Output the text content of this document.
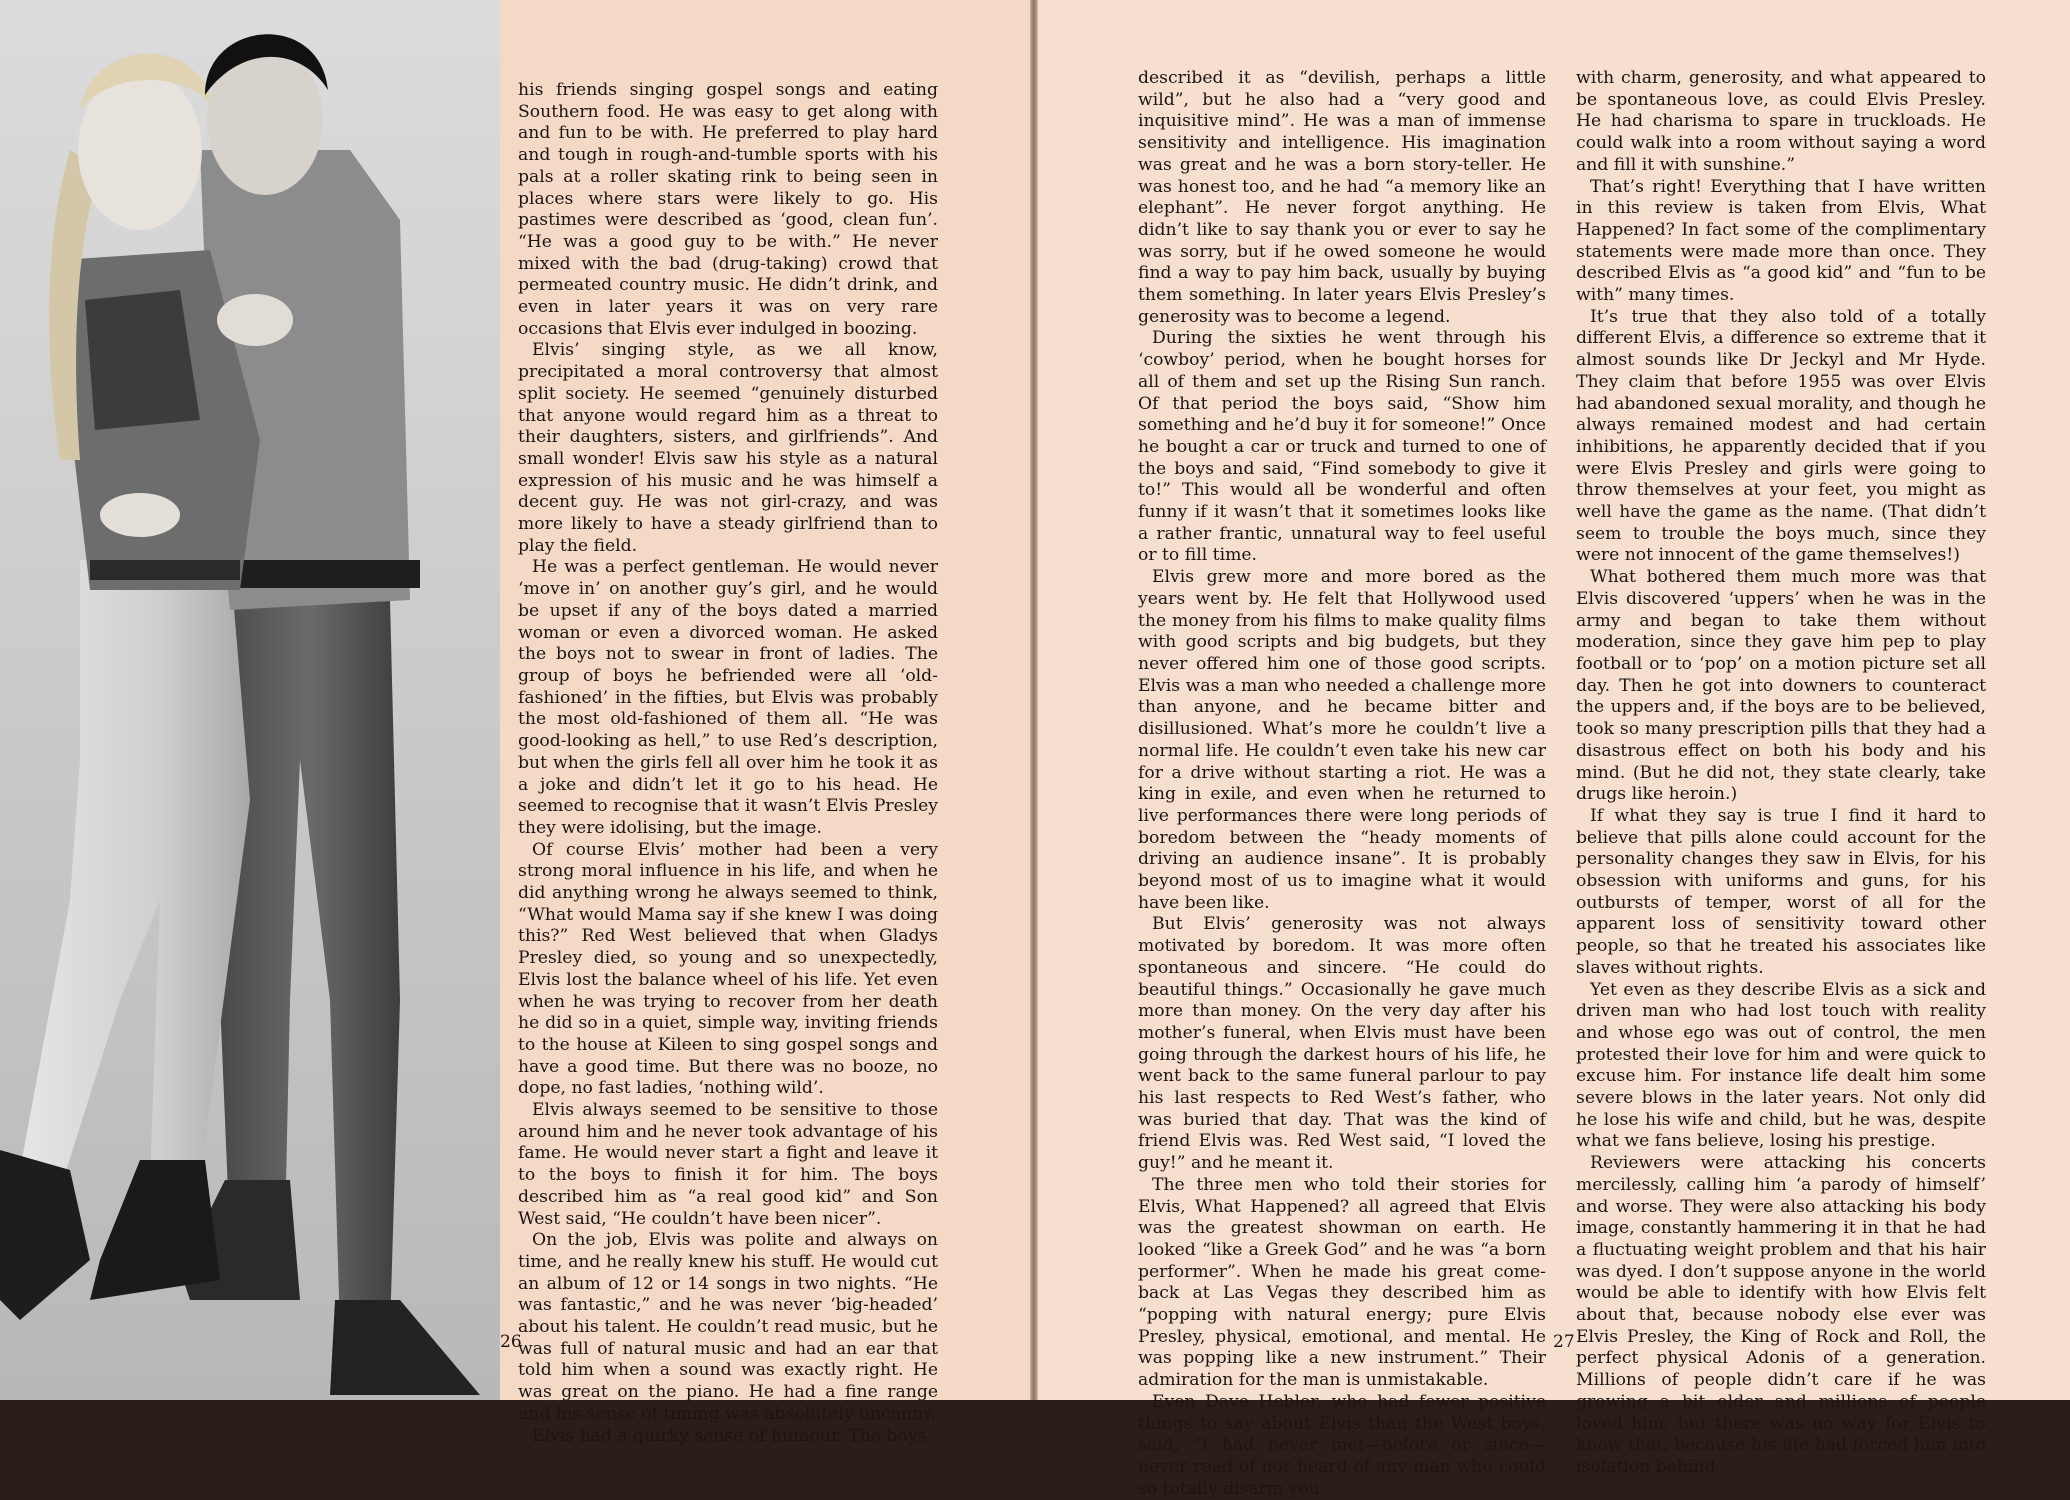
his friends singing gospel songs and eating Southern food. He was easy to get along with and fun to be with. He preferred to play hard and tough in rough-and-tumble sports with his pals at a roller skating rink to being seen in places where stars were likely to go. His pastimes were described as ‘good, clean fun’. “He was a good guy to be with.” He never mixed with the bad (drug-taking) crowd that permeated country music. He didn’t drink, and even in later years it was on very rare occasions that Elvis ever indulged in boozing.

Elvis’ singing style, as we all know, precipitated a moral controversy that almost split society. He seemed “genuinely disturbed that anyone would regard him as a threat to their daughters, sisters, and girlfriends”. And small wonder! Elvis saw his style as a natural expression of his music and he was himself a decent guy. He was not girl-crazy, and was more likely to have a steady girlfriend than to play the field.

He was a perfect gentleman. He would never ‘move in’ on another guy’s girl, and he would be upset if any of the boys dated a married woman or even a divorced woman. He asked the boys not to swear in front of ladies. The group of boys he befriended were all ‘old-fashioned’ in the fifties, but Elvis was probably the most old-fashioned of them all. “He was good-looking as hell,” to use Red’s description, but when the girls fell all over him he took it as a joke and didn’t let it go to his head. He seemed to recognise that it wasn’t Elvis Presley they were idolising, but the image.

Of course Elvis’ mother had been a very strong moral influence in his life, and when he did anything wrong he always seemed to think, “What would Mama say if she knew I was doing this?” Red West believed that when Gladys Presley died, so young and so unexpectedly, Elvis lost the balance wheel of his life. Yet even when he was trying to recover from her death he did so in a quiet, simple way, inviting friends to the house at Kileen to sing gospel songs and have a good time. But there was no booze, no dope, no fast ladies, ‘nothing wild’.

Elvis always seemed to be sensitive to those around him and he never took advantage of his fame. He would never start a fight and leave it to the boys to finish it for him. The boys described him as “a real good kid” and Son West said, “He couldn’t have been nicer”.

On the job, Elvis was polite and always on time, and he really knew his stuff. He would cut an album of 12 or 14 songs in two nights. “He was fantastic,” and he was never ‘big-headed’ about his talent. He couldn’t read music, but he was full of natural music and had an ear that told him when a sound was exactly right. He was great on the piano. He had a fine range and his sense of timing was absolutely uncanny.

Elvis had a quirky sense of humour. The boys

26

described it as “devilish, perhaps a little wild”, but he also had a “very good and inquisitive mind”. He was a man of immense sensitivity and intelligence. His imagination was great and he was a born story-teller. He was honest too, and he had “a memory like an elephant”. He never forgot anything. He didn’t like to say thank you or ever to say he was sorry, but if he owed someone he would find a way to pay him back, usually by buying them something. In later years Elvis Presley’s generosity was to become a legend.

During the sixties he went through his ‘cowboy’ period, when he bought horses for all of them and set up the Rising Sun ranch. Of that period the boys said, “Show him something and he’d buy it for someone!” Once he bought a car or truck and turned to one of the boys and said, “Find somebody to give it to!” This would all be wonderful and often funny if it wasn’t that it sometimes looks like a rather frantic, unnatural way to feel useful or to fill time.

Elvis grew more and more bored as the years went by. He felt that Hollywood used the money from his films to make quality films with good scripts and big budgets, but they never offered him one of those good scripts. Elvis was a man who needed a challenge more than anyone, and he became bitter and disillusioned. What’s more he couldn’t live a normal life. He couldn’t even take his new car for a drive without starting a riot. He was a king in exile, and even when he returned to live performances there were long periods of boredom between the “heady moments of driving an audience insane”. It is probably beyond most of us to imagine what it would have been like.

But Elvis’ generosity was not always motivated by boredom. It was more often spontaneous and sincere. “He could do beautiful things.” Occasionally he gave much more than money. On the very day after his mother’s funeral, when Elvis must have been going through the darkest hours of his life, he went back to the same funeral parlour to pay his last respects to Red West’s father, who was buried that day. That was the kind of friend Elvis was. Red West said, “I loved the guy!” and he meant it.

The three men who told their stories for Elvis, What Happened? all agreed that Elvis was the greatest showman on earth. He looked “like a Greek God” and he was “a born performer”. When he made his great come-back at Las Vegas they described him as “popping with natural energy; pure Elvis Presley, physical, emotional, and mental. He was popping like a new instrument.” Their admiration for the man is unmistakable.

Even Dave Hebler, who had fewer positive things to say about Elvis than the West boys, said, “I had never met—before or since—never read of nor heard of any man who could so totally disarm you

with charm, generosity, and what appeared to be spontaneous love, as could Elvis Presley. He had charisma to spare in truckloads. He could walk into a room without saying a word and fill it with sunshine.”

That’s right! Everything that I have written in this review is taken from Elvis, What Happened? In fact some of the complimentary statements were made more than once. They described Elvis as “a good kid” and “fun to be with” many times.

It’s true that they also told of a totally different Elvis, a difference so extreme that it almost sounds like Dr Jeckyl and Mr Hyde. They claim that before 1955 was over Elvis had abandoned sexual morality, and though he always remained modest and had certain inhibitions, he apparently decided that if you were Elvis Presley and girls were going to throw themselves at your feet, you might as well have the game as the name. (That didn’t seem to trouble the boys much, since they were not innocent of the game themselves!)

What bothered them much more was that Elvis discovered ‘uppers’ when he was in the army and began to take them without moderation, since they gave him pep to play football or to ‘pop’ on a motion picture set all day. Then he got into downers to counteract the uppers and, if the boys are to be believed, took so many prescription pills that they had a disastrous effect on both his body and his mind. (But he did not, they state clearly, take drugs like heroin.)

If what they say is true I find it hard to believe that pills alone could account for the personality changes they saw in Elvis, for his obsession with uniforms and guns, for his outbursts of temper, worst of all for the apparent loss of sensitivity toward other people, so that he treated his associates like slaves without rights.

Yet even as they describe Elvis as a sick and driven man who had lost touch with reality and whose ego was out of control, the men protested their love for him and were quick to excuse him. For instance life dealt him some severe blows in the later years. Not only did he lose his wife and child, but he was, despite what we fans believe, losing his prestige.

Reviewers were attacking his concerts mercilessly, calling him ‘a parody of himself’ and worse. They were also attacking his body image, constantly hammering it in that he had a fluctuating weight problem and that his hair was dyed. I don’t suppose anyone in the world would be able to identify with how Elvis felt about that, because nobody else ever was Elvis Presley, the King of Rock and Roll, the perfect physical Adonis of a generation. Millions of people didn’t care if he was growing a bit older and millions of people loved him, but there was no way for Elvis to know that, because his life had forced him into isolation behind

27
